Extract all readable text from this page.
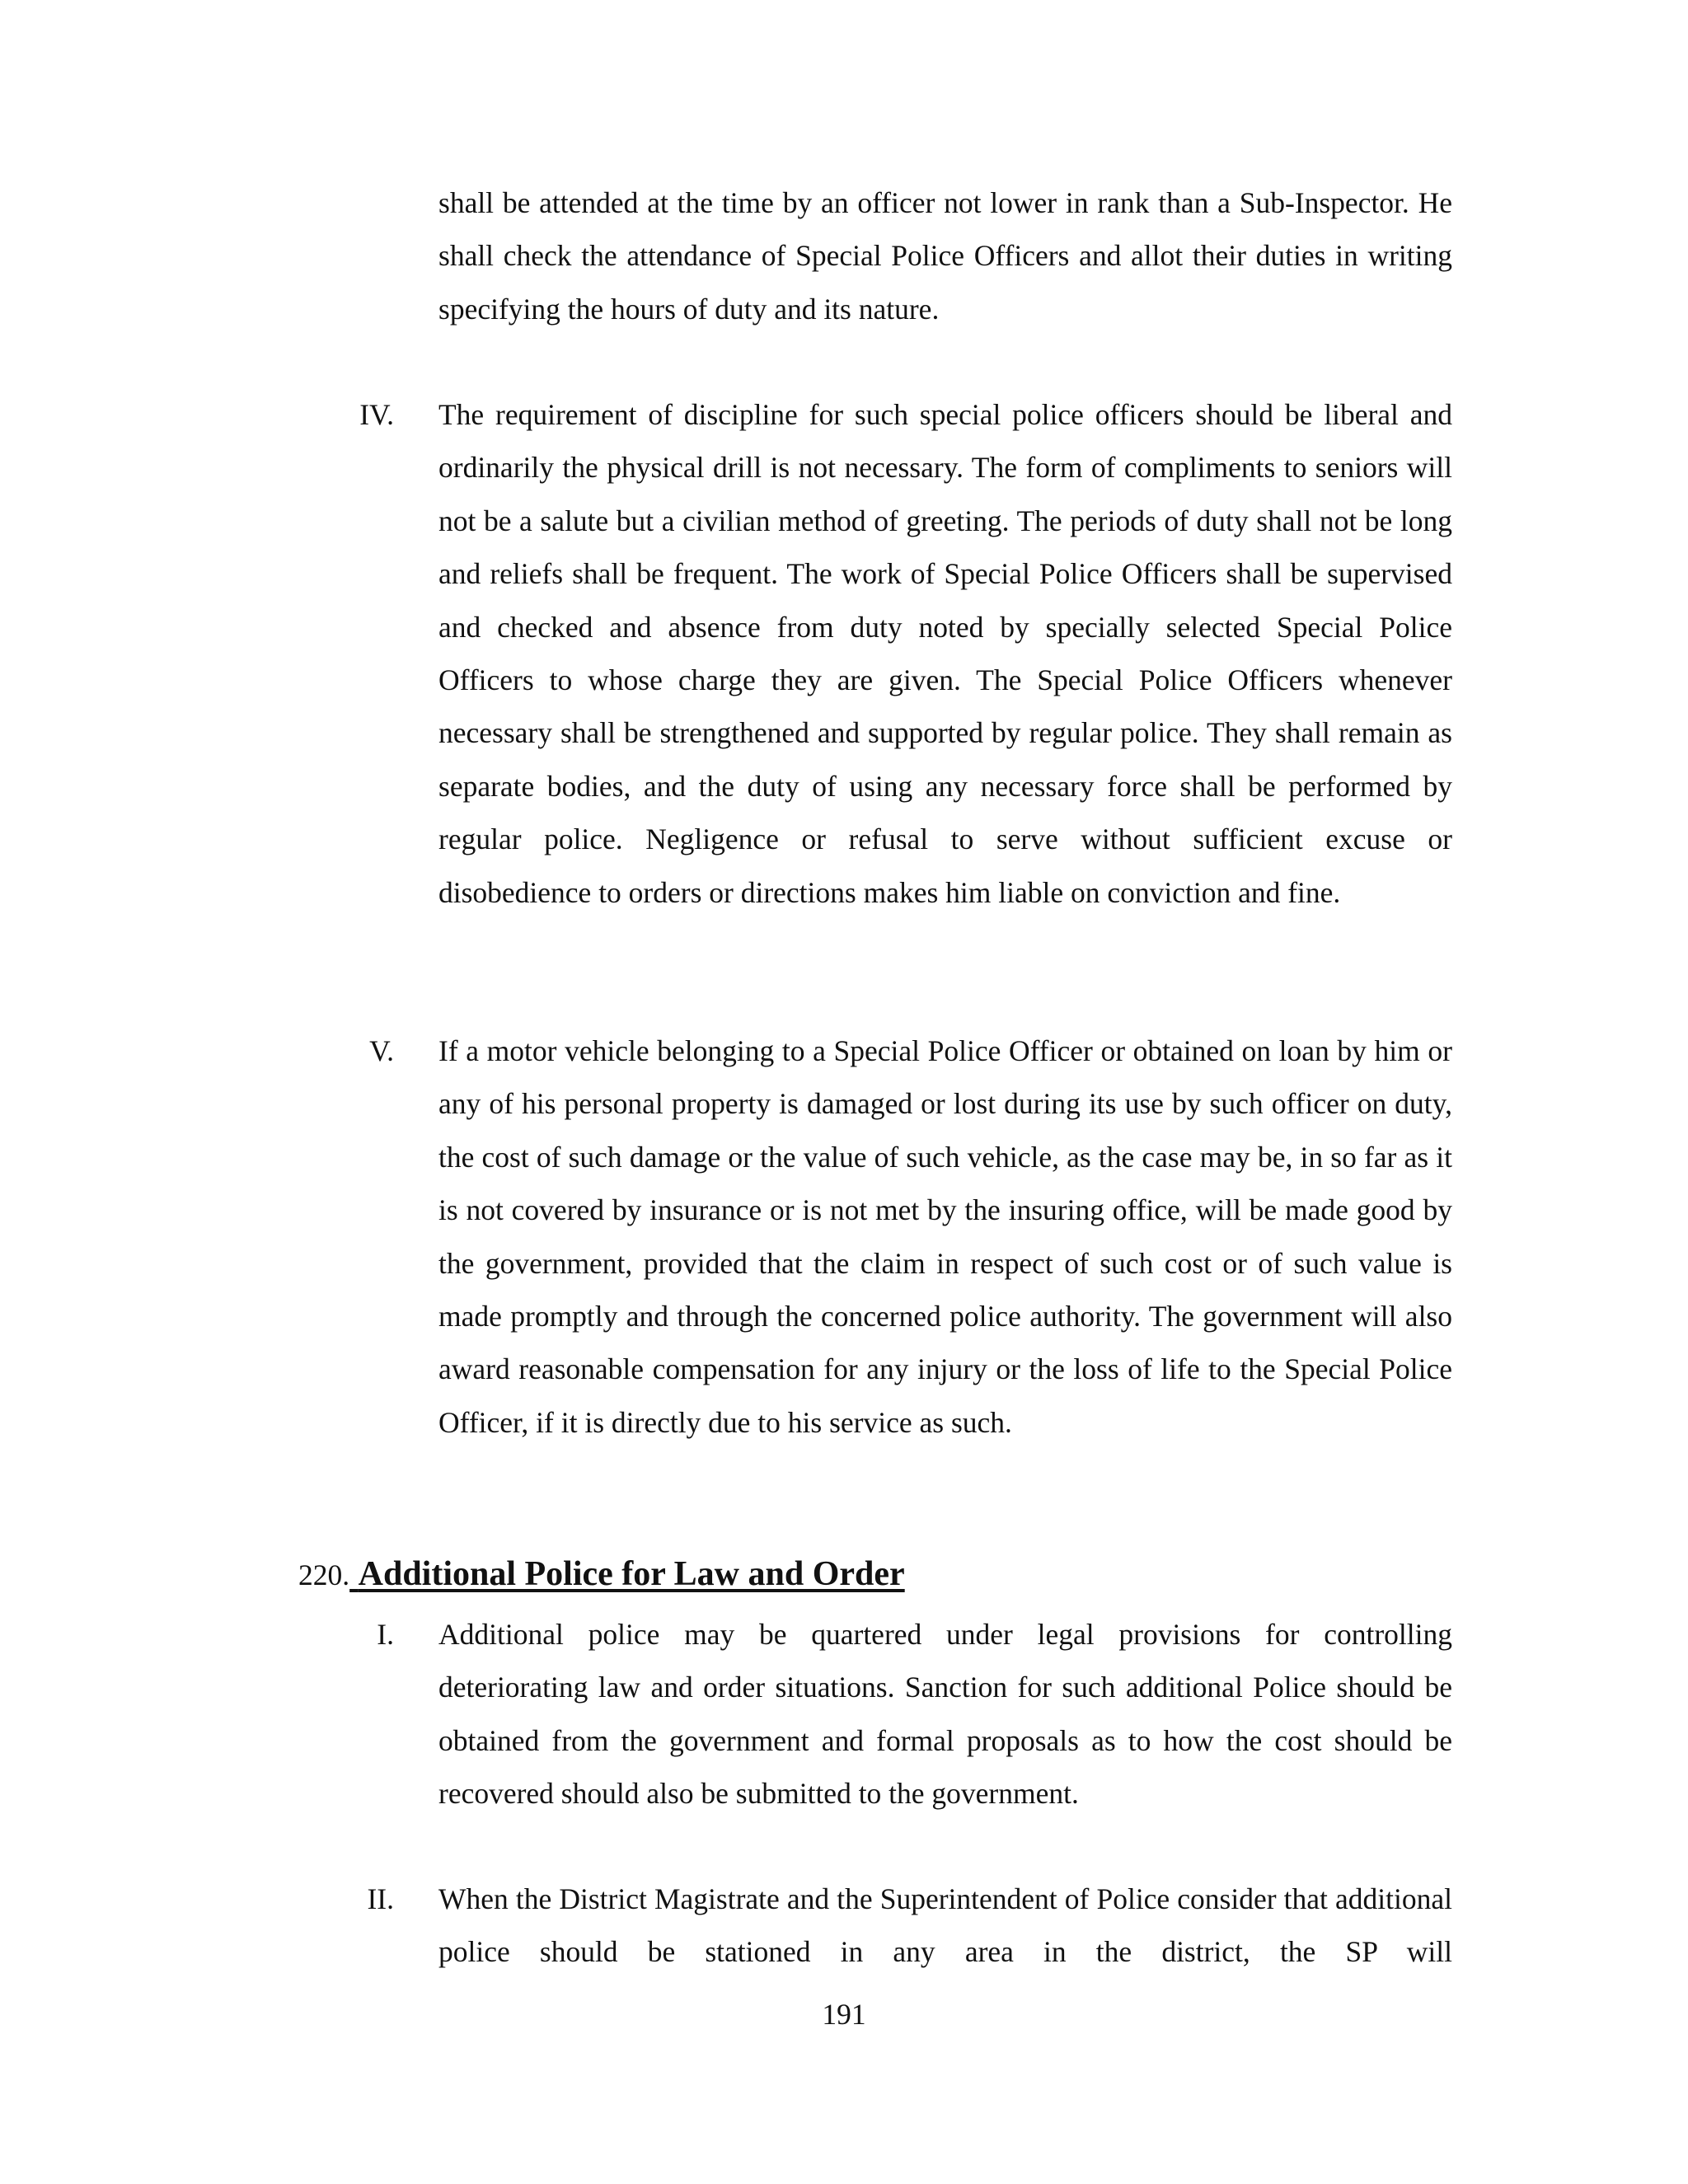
shall be attended at the time by an officer not lower in rank than a Sub-Inspector. He shall check the attendance of Special Police Officers and allot their duties in writing specifying the hours of duty and its nature.

IV. The requirement of discipline for such special police officers should be liberal and ordinarily the physical drill is not necessary. The form of compliments to seniors will not be a salute but a civilian method of greeting. The periods of duty shall not be long and reliefs shall be frequent. The work of Special Police Officers shall be supervised and checked and absence from duty noted by specially selected Special Police Officers to whose charge they are given. The Special Police Officers whenever necessary shall be strengthened and supported by regular police. They shall remain as separate bodies, and the duty of using any necessary force shall be performed by regular police. Negligence or refusal to serve without sufficient excuse or disobedience to orders or directions makes him liable on conviction and fine.

V. If a motor vehicle belonging to a Special Police Officer or obtained on loan by him or any of his personal property is damaged or lost during its use by such officer on duty, the cost of such damage or the value of such vehicle, as the case may be, in so far as it is not covered by insurance or is not met by the insuring office, will be made good by the government, provided that the claim in respect of such cost or of such value is made promptly and through the concerned police authority. The government will also award reasonable compensation for any injury or the loss of life to the Special Police Officer, if it is directly due to his service as such.

220. Additional Police for Law and Order
I. Additional police may be quartered under legal provisions for controlling deteriorating law and order situations. Sanction for such additional Police should be obtained from the government and formal proposals as to how the cost should be recovered should also be submitted to the government.

II. When the District Magistrate and the Superintendent of Police consider that additional police should be stationed in any area in the district, the SP will

191
